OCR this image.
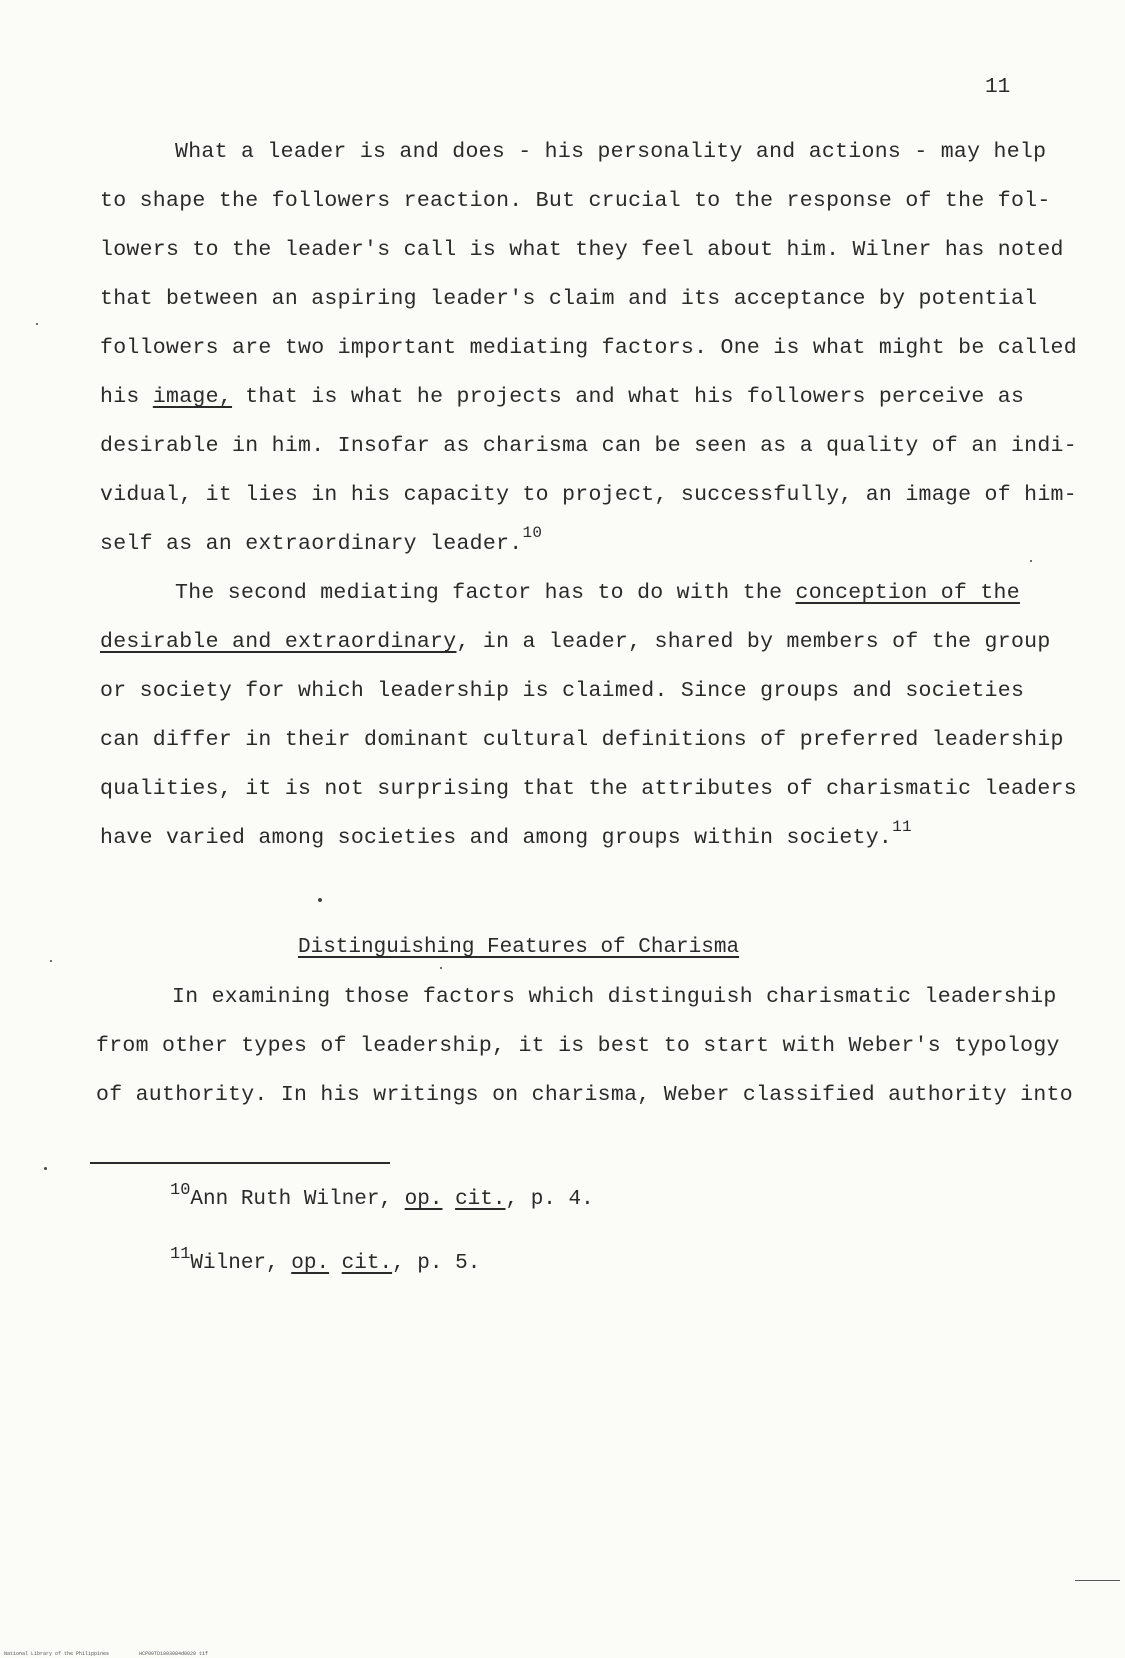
11
What a leader is and does - his personality and actions - may help
to shape the followers reaction. But crucial to the response of the fol-
lowers to the leader's call is what they feel about him. Wilner has noted
that between an aspiring leader's claim and its acceptance by potential
followers are two important mediating factors. One is what might be called
his image, that is what he projects and what his followers perceive as
desirable in him. Insofar as charisma can be seen as a quality of an indi-
vidual, it lies in his capacity to project, successfully, an image of him-
self as an extraordinary leader.$^{10}$
The second mediating factor has to do with the conception of the
desirable and extraordinary, in a leader, shared by members of the group
or society for which leadership is claimed. Since groups and societies
can differ in their dominant cultural definitions of preferred leadership
qualities, it is not surprising that the attributes of charismatic leaders
have varied among societies and among groups within society.$^{11}$
Distinguishing Features of Charisma
In examining those factors which distinguish charismatic leadership
from other types of leadership, it is best to start with Weber's typology
of authority. In his writings on charisma, Weber classified authority into
$^{10}$Ann Ruth Wilner, op. cit., p. 4.
$^{11}$Wilner, op. cit., p. 5.
National Library of the Philippines	HCP00TD1003084d0020 tif
